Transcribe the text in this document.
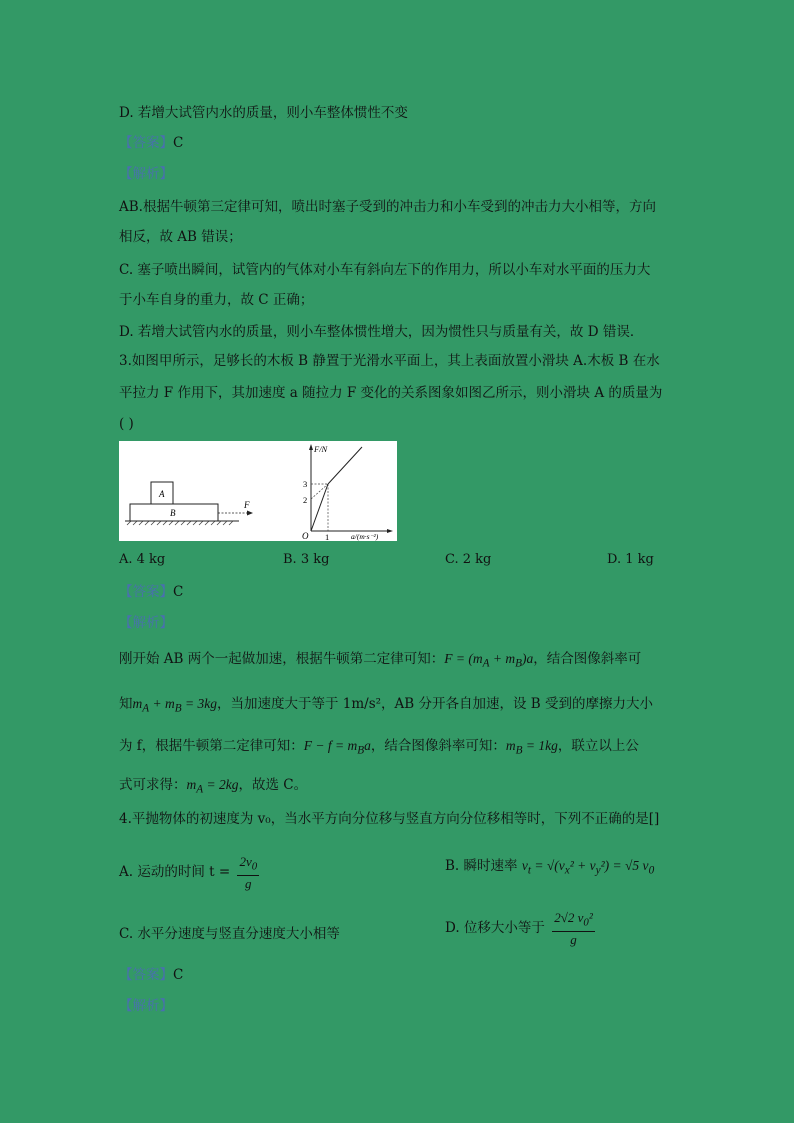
D. 若增大试管内水的质量，则小车整体惯性不变
【答案】C
【解析】
AB.根据牛顿第三定律可知，喷出时塞子受到的冲击力和小车受到的冲击力大小相等，方向
相反，故 AB 错误；
C. 塞子喷出瞬间，试管内的气体对小车有斜向左下的作用力，所以小车对水平面的压力大
于小车自身的重力，故 C 正确；
D. 若增大试管内水的质量，则小车整体惯性增大，因为惯性只与质量有关，故 D 错误．
3.如图甲所示，足够长的木板 B 静置于光滑水平面上，其上表面放置小滑块 A.木板 B 在水
平拉力 F 作用下，其加速度 a 随拉力 F 变化的关系图象如图乙所示，则小滑块 A 的质量为
( )
A
B
F
F/N
a/(m·s⁻²)
O
3
2
1
A. 4 kg	B. 3 kg	C. 2 kg	D. 1 kg
【答案】C
【解析】
刚开始 AB 两个一起做加速，根据牛顿第二定律可知：$F = (m_A + m_B)a$，结合图像斜率可
知$m_A + m_B = 3kg$，当加速度大于等于 1m/s²，AB 分开各自加速，设 B 受到的摩擦力大小
为 f，根据牛顿第二定律可知：$F - f = m_Ba$，结合图像斜率可知：$m_B = 1kg$，联立以上公
式可求得：$m_A = 2kg$，故选 C。
4.平抛物体的初速度为 v₀，当水平方向分位移与竖直方向分位移相等时，下列不正确的是[]
A. 运动的时间 $t = \frac{2v_0}{g}$	B. 瞬时速率 $v_t = √(v_x^2 + v_y^2) = √5$ $v_0$
C. 水平分速度与竖直分速度大小相等	D. 位移大小等于 $\frac{2√2 v_0^2}{g}$
【答案】C
【解析】
